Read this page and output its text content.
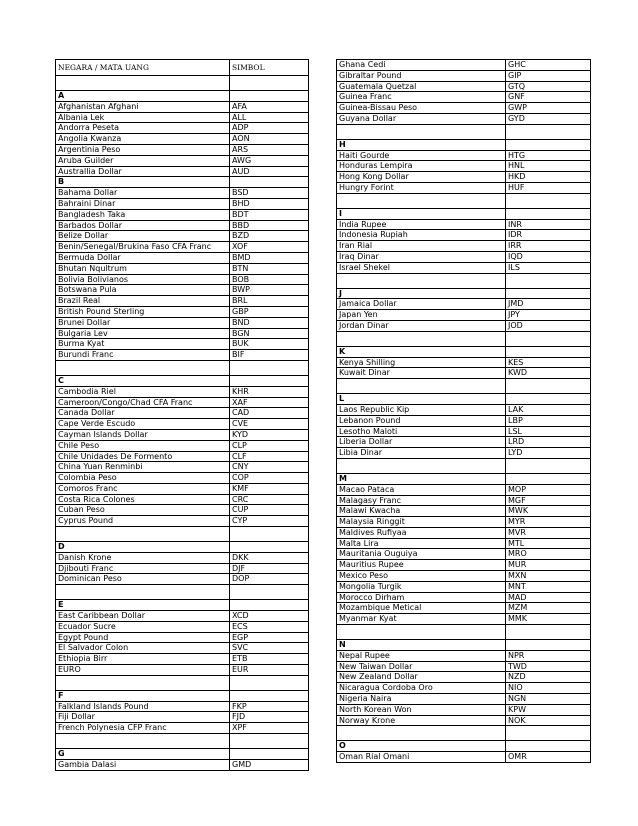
NEGARA / MATA UANG	SIMBOL

A	
Afghanistan Afghani	AFA
Albania Lek	ALL
Andorra Peseta	ADP
Angolia Kwanza	AON
Argentinia Peso	ARS
Aruba Guilder	AWG
Australlia Dollar	AUD
B	
Bahama Dollar	BSD
Bahraini Dinar	BHD
Bangladesh Taka	BDT
Barbados Dollar	BBD
Belize Dollar	BZD
Benin/Senegal/Brukina Faso CFA Franc	XOF
Bermuda Dollar	BMD
Bhutan Nqultrum	BTN
Bolivia Bolivianos	BOB
Botswana Pula	BWP
Brazil Real	BRL
British Pound Sterling	GBP
Brunei Dollar	BND
Bulgaria Lev	BGN
Burma Kyat	BUK
Burundi Franc	BIF

C	
Cambodia Riel	KHR
Cameroon/Congo/Chad CFA Franc	XAF
Canada Dollar	CAD
Cape Verde Escudo	CVE
Cayman Islands Dollar	KYD
Chile Peso	CLP
Chile Unidades De Formento	CLF
China Yuan Renminbi	CNY
Colombia Peso	COP
Comoros Franc	KMF
Costa Rica Colones	CRC
Cuban Peso	CUP
Cyprus Pound	CYP

D	
Danish Krone	DKK
Djibouti Franc	DJF
Dominican Peso	DOP

E	
East Caribbean Dollar	XCD
Ecuador Sucre	ECS
Egypt Pound	EGP
El Salvador Colon	SVC
Ethiopia Birr	ETB
EURO	EUR

F	
Falkland Islands Pound	FKP
Fiji Dollar	FJD
French Polynesia CFP Franc	XPF

G	
Gambia Dalasi	GMD
Ghana Cedi	GHC
Gibraltar Pound	GIP
Guatemala Quetzal	GTQ
Guinea Franc	GNF
Guinea-Bissau Peso	GWP
Guyana Dollar	GYD

H	
Haiti Gourde	HTG
Honduras Lempira	HNL
Hong Kong Dollar	HKD
Hungry Forint	HUF

I	
India Rupee	INR
Indonesia Rupiah	IDR
Iran Rial	IRR
Iraq Dinar	IQD
Israel Shekel	ILS

J	
Jamaica Dollar	JMD
Japan Yen	JPY
Jordan Dinar	JOD

K	
Kenya Shilling	KES
Kuwait Dinar	KWD

L	
Laos Republic Kip	LAK
Lebanon Pound	LBP
Lesotho Maloti	LSL
Liberia Dollar	LRD
Libia Dinar	LYD

M	
Macao Pataca	MOP
Malagasy Franc	MGF
Malawi Kwacha	MWK
Malaysia Ringgit	MYR
Maldives Rufiyaa	MVR
Malta Lira	MTL
Mauritania Ouguiya	MRO
Mauritius Rupee	MUR
Mexico Peso	MXN
Mongolia Turgik	MNT
Morocco Dirham	MAD
Mozambique Metical	MZM
Myanmar Kyat	MMK

N	
Nepal Rupee	NPR
New Taiwan Dollar	TWD
New Zealand Dollar	NZD
Nicaragua Cordoba Oro	NIO
Nigeria Naira	NGN
North Korean Won	KPW
Norway Krone	NOK

O	
Oman Rial Omani	OMR
